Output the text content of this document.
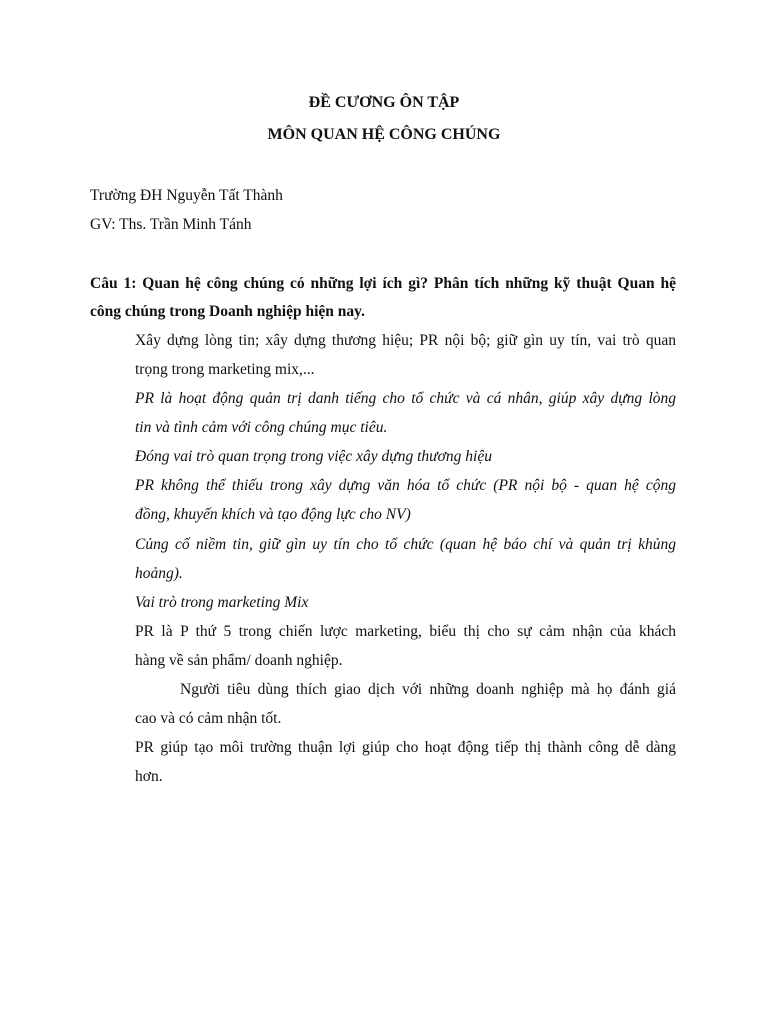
ĐỀ CƯƠNG ÔN TẬP
MÔN QUAN HỆ CÔNG CHÚNG
Trường ĐH Nguyễn Tất Thành
GV: Ths. Trần Minh Tánh
Câu 1: Quan hệ công chúng có những lợi ích gì? Phân tích những kỹ thuật Quan hệ
công chúng trong Doanh nghiệp hiện nay.
Xây dựng lòng tin; xây dựng thương hiệu; PR nội bộ; giữ gìn uy tín, vai trò quan
trọng trong marketing mix,...
PR là hoạt động quản trị danh tiếng cho tổ chức và cá nhân, giúp xây dựng lòng
tin và tình cảm với công chúng mục tiêu.
Đóng vai trò quan trọng trong việc xây dựng thương hiệu
PR không thể thiếu trong xây dựng văn hóa tổ chức (PR nội bộ - quan hệ cộng
đồng, khuyến khích và tạo động lực cho NV)
Củng cố niềm tin, giữ gìn uy tín cho tổ chức (quan hệ báo chí và quản trị khủng
hoảng).
Vai trò trong marketing Mix
PR là P thứ 5 trong chiến lược marketing, biểu thị cho sự cảm nhận của khách
hàng về sản phẩm/ doanh nghiệp.
Người tiêu dùng thích giao dịch với những doanh nghiệp mà họ đánh giá
cao và có cảm nhận tốt.
PR giúp tạo môi trường thuận lợi giúp cho hoạt động tiếp thị thành công dễ dàng
hơn.
